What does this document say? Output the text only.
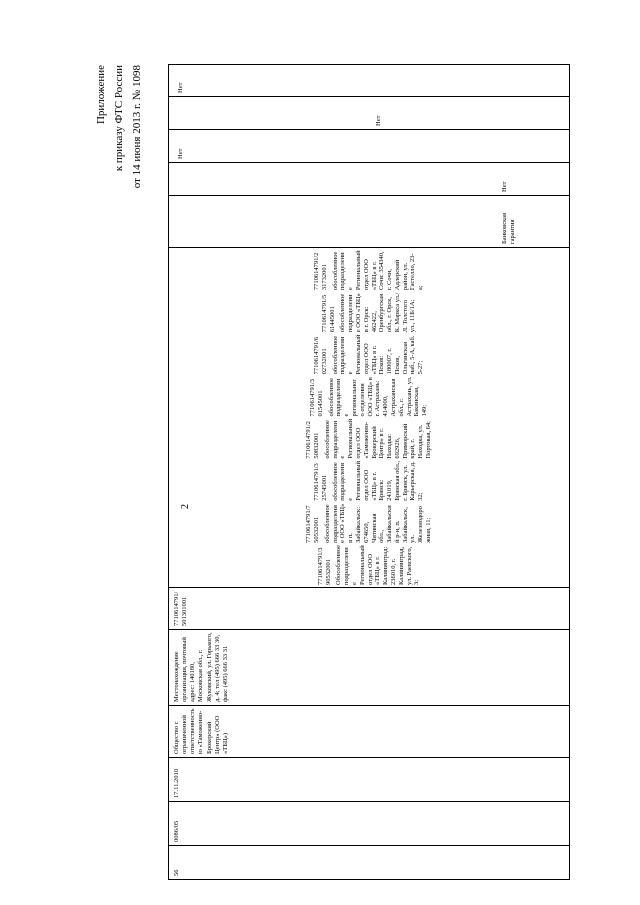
Приложение к приказу ФТС России от 14 июня 2013 г. № 1098
2
56
0086/05
17.11.2010
Общество с ограниченной ответственностью «Таможенно-Брокерский Центр» (ООО «ТБЦ»)
Местонахождение организации, почтовый адрес: 140180, Московская обл., г. Жуковский, ул. Горького, д. 4; тел (495) 666 33 30, факс (495) 666 33 31
7710614791/501301001
7710614791/390532001 Обособленное подразделение Региональный отдел ООО «ТБЦ» в г. Калининград: 236010, г. Калининград, ул. Раевского, 3;
7710614791/750532001 обособленное подразделение ООО «ТБЦ» в п. Забайкальск: 674650, Читинская обл., Забайкальский р-н, п. Забайкальск, ул. Железнодорожная, 11;
7710614791/325745001 обособленное подразделение Региональный отдел ООО «ТБЦ» в г. Брянск: 241019, Брянская обл., г. Брянск, ул. Карьерская, д. 32;
7710614791/250832001 обособленное подразделение Региональный отдел ООО «Таможенно-Брокерский Центр» в г. Находка: 692926, Приморский край, г. Находка, ул. Портовая, 64;
7710614791/301545001 обособленное подразделение регионального отделения ООО «ТБЦ» в г. Астрахань: 414000, Астраханская обл., г. Астрахань, ул. Бакинская, 149;
7710614791/602732001 обособленное подразделение Региональный отдел ООО «ТБЦ» в г. Псков: 180007, г. Псков, Ольгинская наб., 5-А, каб. 5-27;
7710614791/561445001 обособленное подразделение ООО «ТБЦ» в г. Орск: 462422, Оренбургская обл., г. Орск, К. Маркса ул./Л. Толстого ул., 11Б/1А;
7710614791/231732001 обособленное подразделение Региональный отдел ООО «ТБЦ» в г. Сочи: 354340, г. Сочи, Адлерский район, ул. Гастелло, 23-а;
Банковская гарантия
Нет
Нет
Нет
Нет
